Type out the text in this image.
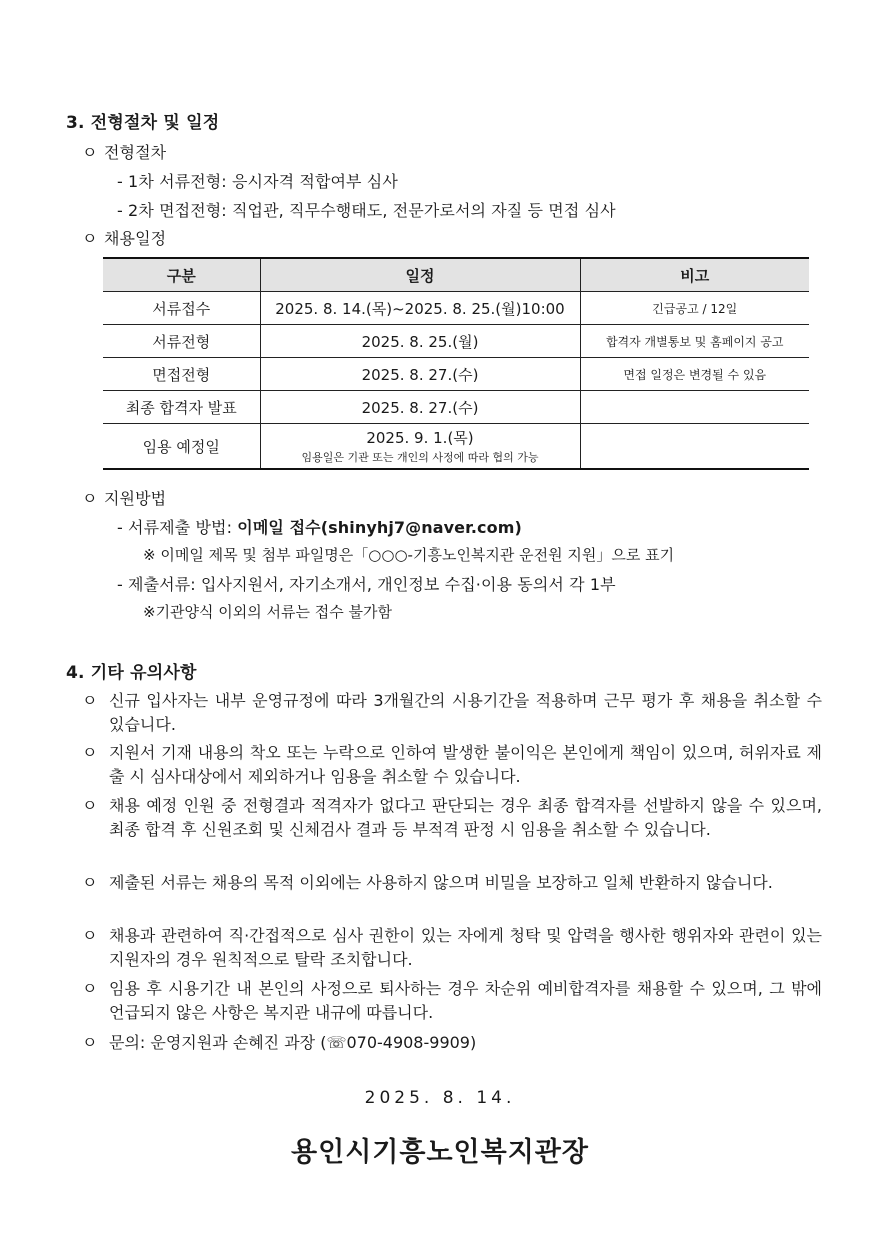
3. 전형절차 및 일정
ㅇ 전형절차
- 1차 서류전형: 응시자격 적합여부 심사
- 2차 면접전형: 직업관, 직무수행태도, 전문가로서의 자질 등 면접 심사
ㅇ 채용일정
구분	일정	비고
서류접수	2025. 8. 14.(목)~2025. 8. 25.(월)10:00	긴급공고 / 12일
서류전형	2025. 8. 25.(월)	합격자 개별통보 및 홈페이지 공고
면접전형	2025. 8. 27.(수)	면접 일정은 변경될 수 있음
최종 합격자 발표	2025. 8. 27.(수)	
임용 예정일	2025. 9. 1.(목)
임용일은 기관 또는 개인의 사정에 따라 협의 가능	

ㅇ 지원방법
- 서류제출 방법: 이메일 접수(shinyhj7@naver.com)
※ 이메일 제목 및 첨부 파일명은「○○○-기흥노인복지관 운전원 지원」으로 표기
- 제출서류: 입사지원서, 자기소개서, 개인정보 수집·이용 동의서 각 1부
※기관양식 이외의 서류는 접수 불가함
4. 기타 유의사항
ㅇ 신규 입사자는 내부 운영규정에 따라 3개월간의 시용기간을 적용하며 근무 평가 후 채용을 취소할 수 있습니다.
ㅇ 지원서 기재 내용의 착오 또는 누락으로 인하여 발생한 불이익은 본인에게 책임이 있으며, 허위자료 제출 시 심사대상에서 제외하거나 임용을 취소할 수 있습니다.
ㅇ 채용 예정 인원 중 전형결과 적격자가 없다고 판단되는 경우 최종 합격자를 선발하지 않을 수 있으며, 최종 합격 후 신원조회 및 신체검사 결과 등 부적격 판정 시 임용을 취소할 수 있습니다.
ㅇ 제출된 서류는 채용의 목적 이외에는 사용하지 않으며 비밀을 보장하고 일체 반환하지 않습니다.
ㅇ 채용과 관련하여 직·간접적으로 심사 권한이 있는 자에게 청탁 및 압력을 행사한 행위자와 관련이 있는 지원자의 경우 원칙적으로 탈락 조치합니다.
ㅇ 임용 후 시용기간 내 본인의 사정으로 퇴사하는 경우 차순위 예비합격자를 채용할 수 있으며, 그 밖에 언급되지 않은 사항은 복지관 내규에 따릅니다.
ㅇ 문의: 운영지원과 손혜진 과장 (☏070-4908-9909)
2025. 8. 14.
용인시기흥노인복지관장
